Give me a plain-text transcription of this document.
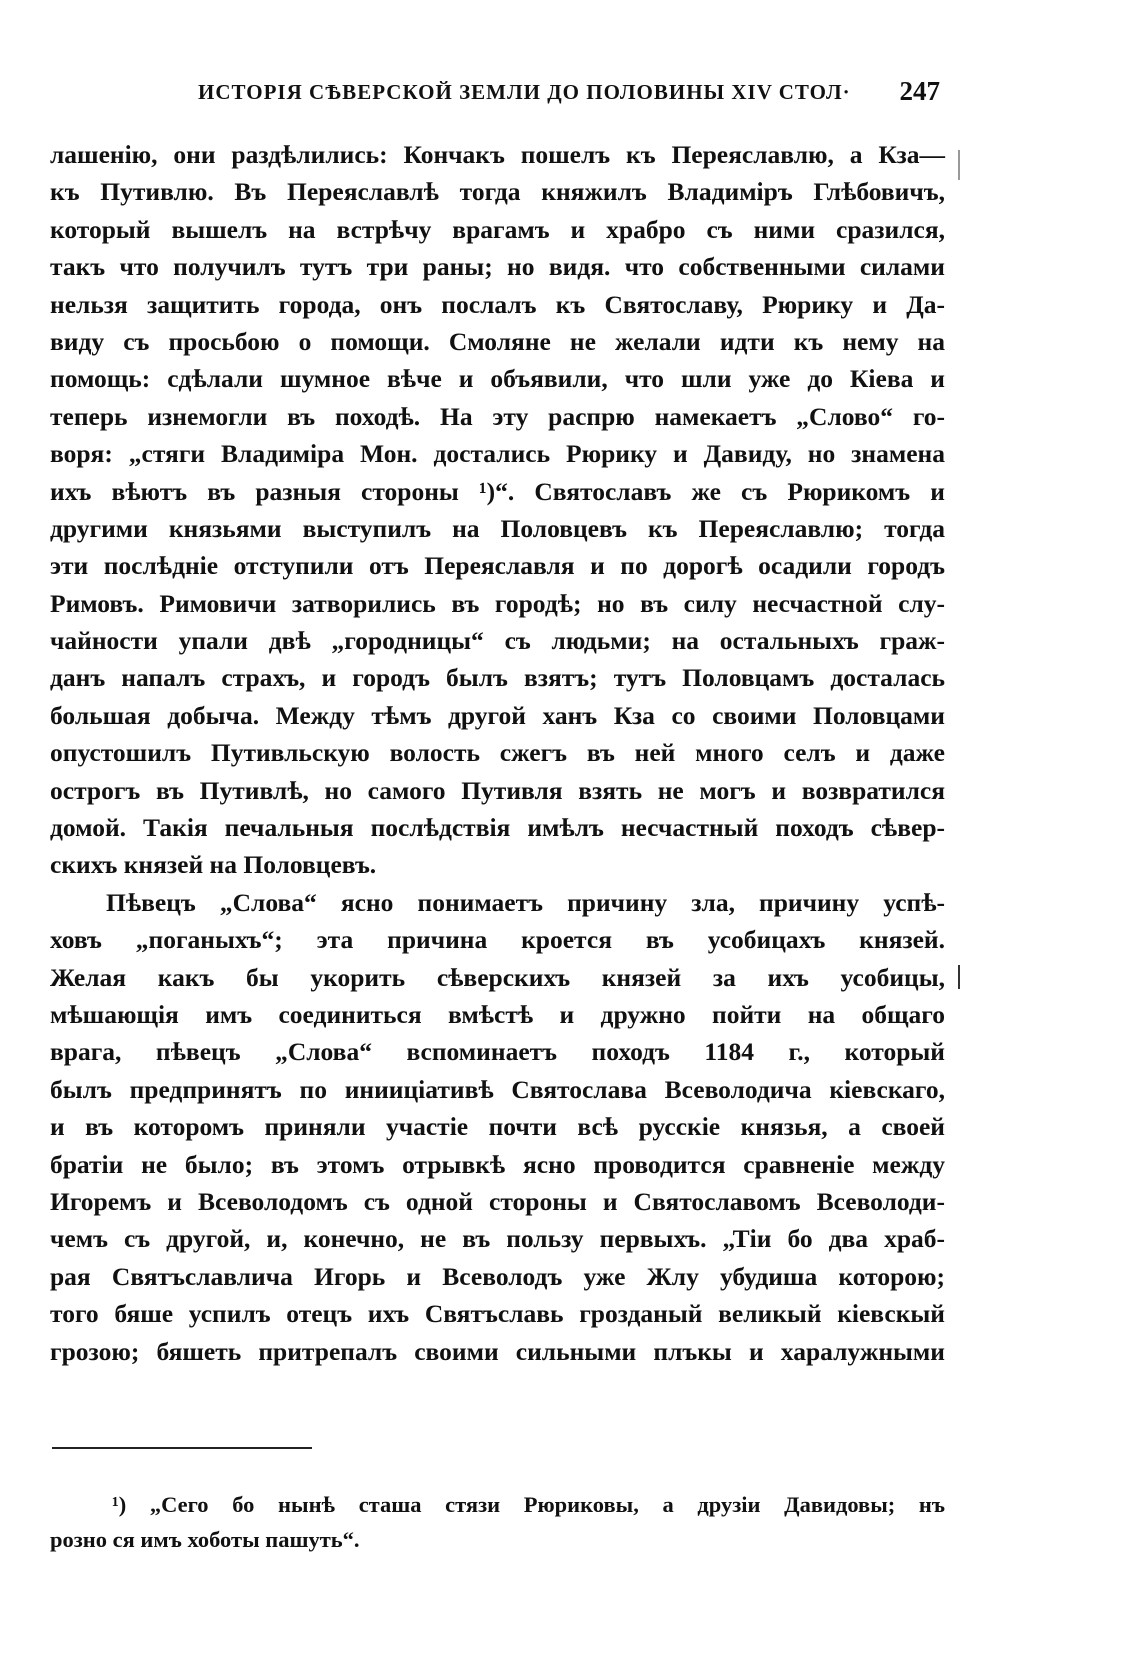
ИСТОРІЯ СѢВЕРСКОЙ ЗЕМЛИ ДО ПОЛОВИНЫ XIV СТОЛ· 247
лашенію, они раздѣлились: Кончакъ пошелъ къ Переяславлю, а Кза—
къ Путивлю. Въ Переяславлѣ тогда княжилъ Владиміръ Глѣбовичъ,
который вышелъ на встрѣчу врагамъ и храбро съ ними сразился,
такъ что получилъ тутъ три раны; но видя. что собственными силами
нельзя защитить города, онъ послалъ къ Святославу, Рюрику и Да-
виду съ просьбою о помощи. Смоляне не желали идти къ нему на
помощь: сдѣлали шумное вѣче и объявили, что шли уже до Кіева и
теперь изнемогли въ походѣ. На эту распрю намекаетъ „Слово“ го-
воря: „стяги Владиміра Мон. достались Рюрику и Давиду, но знамена
ихъ вѣютъ въ разныя стороны ¹)“. Святославъ же съ Рюрикомъ и
другими князьями выступилъ на Половцевъ къ Переяславлю; тогда
эти послѣдніе отступили отъ Переяславля и по дорогѣ осадили городъ
Римовъ. Римовичи затворились въ городѣ; но въ силу несчастной слу-
чайности упали двѣ „городницы“ съ людьми; на остальныхъ граж-
данъ напалъ страхъ, и городъ былъ взятъ; тутъ Половцамъ досталась
большая добыча. Между тѣмъ другой ханъ Кза со своими Половцами
опустошилъ Путивльскую волость сжегъ въ ней много селъ и даже
острогъ въ Путивлѣ, но самого Путивля взять не могъ и возвратился
домой. Такія печальныя послѣдствія имѣлъ несчастный походъ сѣвер-
скихъ князей на Половцевъ.
Пѣвецъ „Слова“ ясно понимаетъ причину зла, причину успѣ-
ховъ „поганыхъ“; эта причина кроется въ усобицахъ князей.
Желая какъ бы укорить сѣверскихъ князей за ихъ усобицы,
мѣшающія имъ соединиться вмѣстѣ и дружно пойти на общаго
врага, пѣвецъ „Слова“ вспоминаетъ походъ 1184 г., который
былъ предпринятъ по инииціативѣ Святослава Всеволодича кіевскаго,
и въ которомъ приняли участіе почти всѣ русскіе князья, а своей
братіи не было; въ этомъ отрывкѣ ясно проводится сравненіе между
Игоремъ и Всеволодомъ съ одной стороны и Святославомъ Всеволоди-
чемъ съ другой, и, конечно, не въ пользу первыхъ. „Тіи бо два храб-
рая Святъславлича Игорь и Всеволодъ уже Жлу убудиша которою;
того бяше успилъ отецъ ихъ Святъславь грозданый великый кіевскый
грозою; бяшеть притрепалъ своими сильными плъкы и харалужными
¹) „Сего бо нынѣ сташа стязи Рюриковы, а друзіи Давидовы; нъ
розно ся имъ хоботы пашуть“.
